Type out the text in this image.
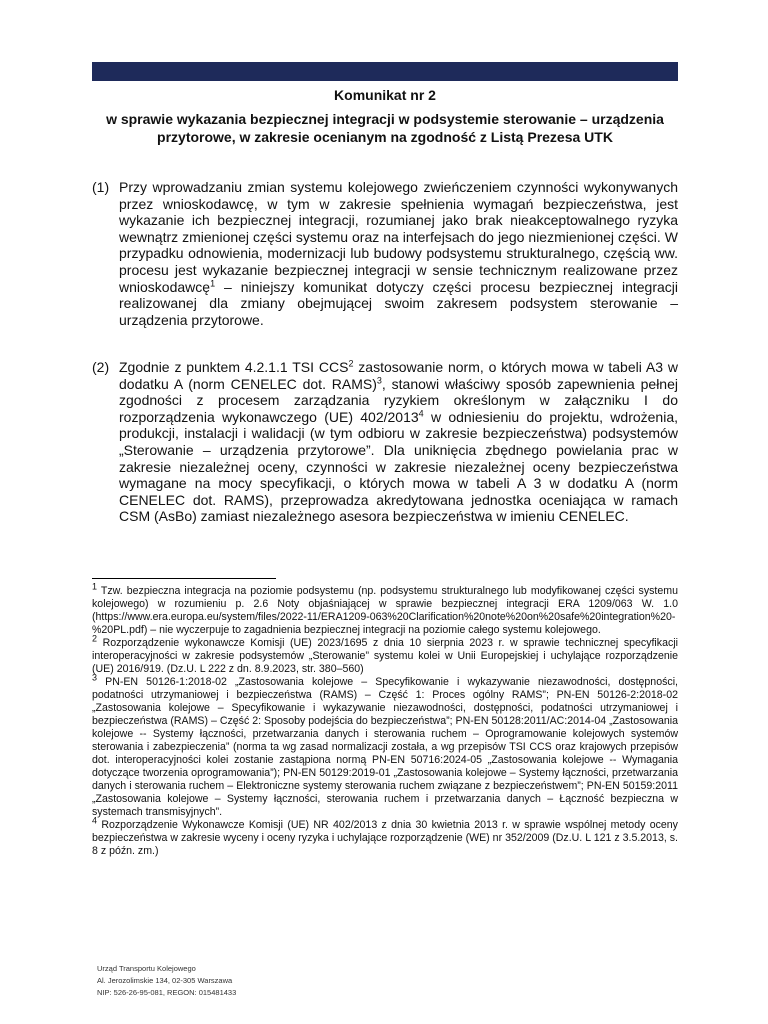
Komunikat nr 2
w sprawie wykazania bezpiecznej integracji w podsystemie sterowanie – urządzenia przytorowe, w zakresie ocenianym na zgodność z Listą Prezesa UTK
(1) Przy wprowadzaniu zmian systemu kolejowego zwieńczeniem czynności wykonywanych przez wnioskodawcę, w tym w zakresie spełnienia wymagań bezpieczeństwa, jest wykazanie ich bezpiecznej integracji, rozumianej jako brak nieakceptowalnego ryzyka wewnątrz zmienionej części systemu oraz na interfejsach do jego niezmienionej części. W przypadku odnowienia, modernizacji lub budowy podsystemu strukturalnego, częścią ww. procesu jest wykazanie bezpiecznej integracji w sensie technicznym realizowane przez wnioskodawcę$^1$ – niniejszy komunikat dotyczy części procesu bezpiecznej integracji realizowanej dla zmiany obejmującej swoim zakresem podsystem sterowanie – urządzenia przytorowe.
(2) Zgodnie z punktem 4.2.1.1 TSI CCS$^2$ zastosowanie norm, o których mowa w tabeli A3 w dodatku A (norm CENELEC dot. RAMS)$^3$, stanowi właściwy sposób zapewnienia pełnej zgodności z procesem zarządzania ryzykiem określonym w załączniku I do rozporządzenia wykonawczego (UE) 402/2013$^4$ w odniesieniu do projektu, wdrożenia, produkcji, instalacji i walidacji (w tym odbioru w zakresie bezpieczeństwa) podsystemów „Sterowanie – urządzenia przytorowe”. Dla uniknięcia zbędnego powielania prac w zakresie niezależnej oceny, czynności w zakresie niezależnej oceny bezpieczeństwa wymagane na mocy specyfikacji, o których mowa w tabeli A 3 w dodatku A (norm CENELEC dot. RAMS), przeprowadza akredytowana jednostka oceniająca w ramach CSM (AsBo) zamiast niezależnego asesora bezpieczeństwa w imieniu CENELEC.
$^1$ Tzw. bezpieczna integracja na poziomie podsystemu (np. podsystemu strukturalnego lub modyfikowanej części systemu kolejowego) w rozumieniu p. 2.6 Noty objaśniającej w sprawie bezpiecznej integracji ERA 1209/063 W. 1.0 (https://www.era.europa.eu/system/files/2022-11/ERA1209-063%20Clarification%20note%20on%20safe%20integration%20-%20PL.pdf) – nie wyczerpuje to zagadnienia bezpiecznej integracji na poziomie całego systemu kolejowego.
$^2$ Rozporządzenie wykonawcze Komisji (UE) 2023/1695 z dnia 10 sierpnia 2023 r. w sprawie technicznej specyfikacji interoperacyjności w zakresie podsystemów „Sterowanie” systemu kolei w Unii Europejskiej i uchylające rozporządzenie (UE) 2016/919. (Dz.U. L 222 z dn. 8.9.2023, str. 380–560)
$^3$ PN-EN 50126-1:2018-02 „Zastosowania kolejowe – Specyfikowanie i wykazywanie niezawodności, dostępności, podatności utrzymaniowej i bezpieczeństwa (RAMS) – Część 1: Proces ogólny RAMS”; PN-EN 50126-2:2018-02 „Zastosowania kolejowe – Specyfikowanie i wykazywanie niezawodności, dostępności, podatności utrzymaniowej i bezpieczeństwa (RAMS) – Część 2: Sposoby podejścia do bezpieczeństwa”; PN-EN 50128:2011/AC:2014-04 „Zastosowania kolejowe -- Systemy łączności, przetwarzania danych i sterowania ruchem – Oprogramowanie kolejowych systemów sterowania i zabezpieczenia” (norma ta wg zasad normalizacji została, a wg przepisów TSI CCS oraz krajowych przepisów dot. interoperacyjności kolei zostanie zastąpiona normą PN-EN 50716:2024-05 „Zastosowania kolejowe -- Wymagania dotyczące tworzenia oprogramowania”); PN-EN 50129:2019-01 „Zastosowania kolejowe – Systemy łączności, przetwarzania danych i sterowania ruchem – Elektroniczne systemy sterowania ruchem związane z bezpieczeństwem”; PN-EN 50159:2011 „Zastosowania kolejowe – Systemy łączności, sterowania ruchem i przetwarzania danych – Łączność bezpieczna w systemach transmisyjnych”.
$^4$ Rozporządzenie Wykonawcze Komisji (UE) NR 402/2013 z dnia 30 kwietnia 2013 r. w sprawie wspólnej metody oceny bezpieczeństwa w zakresie wyceny i oceny ryzyka i uchylające rozporządzenie (WE) nr 352/2009 (Dz.U. L 121 z 3.5.2013, s. 8 z późn. zm.)
Urząd Transportu Kolejowego
Al. Jerozolimskie 134, 02-305 Warszawa
NIP: 526-26-95-081, REGON: 015481433
